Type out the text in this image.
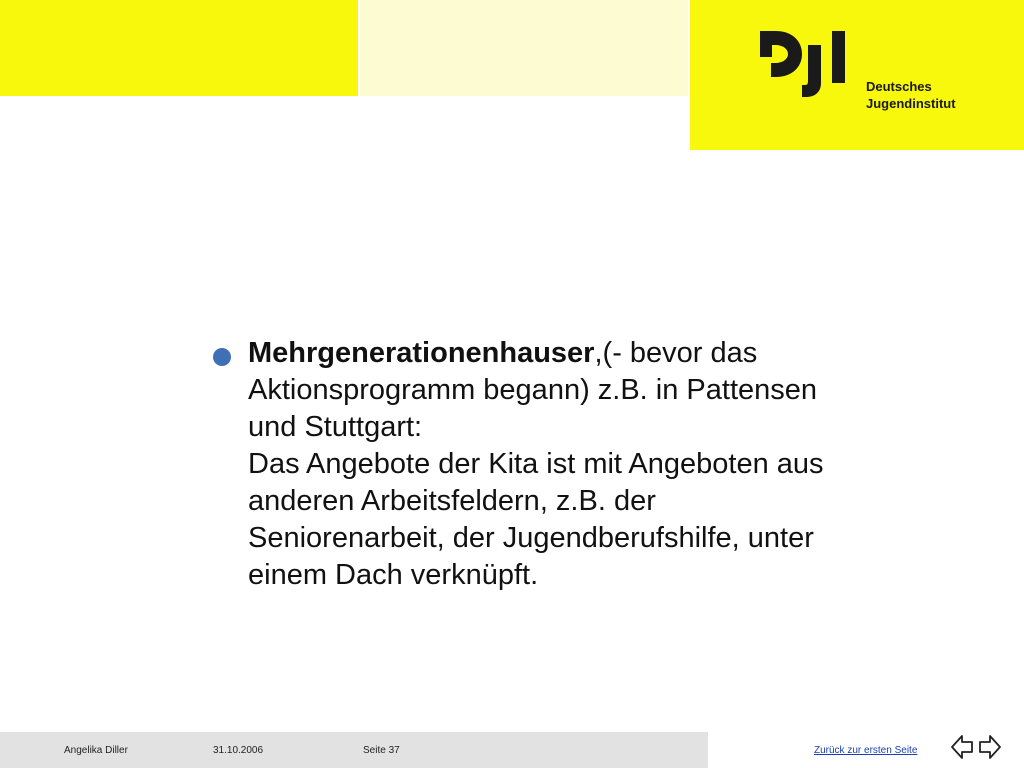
Deutsches
Jugendinstitut
Mehrgenerationenhauser,(- bevor das
Aktionsprogramm begann) z.B. in Pattensen
und Stuttgart:
Das Angebote der Kita ist mit Angeboten aus
anderen Arbeitsfeldern, z.B. der
Seniorenarbeit, der Jugendberufshilfe, unter
einem Dach verknüpft.
Angelika Diller	31.10.2006	Seite 37	Zurück zur ersten Seite
